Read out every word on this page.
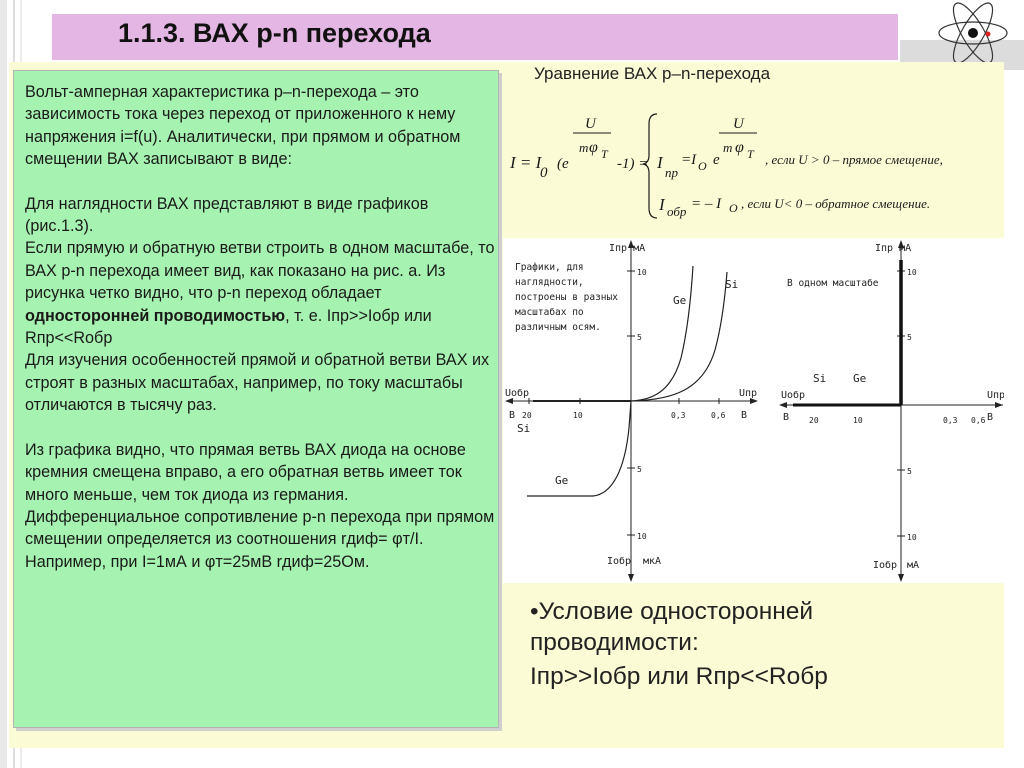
1.1.3. ВАХ p-n перехода

Вольт-амперная характеристика p–n-перехода – это зависимость тока через переход от приложенного к нему напряжения i=f(u). Аналитически, при прямом и обратном смещении ВАХ записывают в виде:

Для наглядности ВАХ представляют в виде графиков (рис.1.3).

Если прямую и обратную ветви строить в одном масштабе, то ВАХ p-n перехода имеет вид, как показано на рис. а. Из рисунка четко видно, что p-n переход обладает односторонней проводимостью, т. е. Iпр>>Iобр или Rпр<<Rобр

Для изучения особенностей прямой и обратной ветви ВАХ их строят в разных масштабах, например, по току масштабы отличаются в тысячу раз.

Из графика видно, что прямая ветвь ВАХ диода на основе кремния смещена вправо, а его обратная ветвь имеет ток много меньше, чем ток диода из германия.

Дифференциальное сопротивление p-n перехода при прямом смещении определяется из соотношения rдиф= φт/I.

Например, при I=1мА и φт=25мВ rдиф=25Ом.

Уравнение ВАХ p–n-перехода
I = I
0
(e
U
m φ T
-1) = I
пр
=I O e
U
m φ T , если U > 0 – прямое смещение,
I обр = – I O , если U< 0 – обратное смещение.
Iпр мА
10
5
5
10
Iобр мкА
Uобр
В
Uпр
В
20	10	0,3	0,6
Графики, для
наглядности,
построены в разных
масштабах по
различным осям.
Ge
Si
Si
Ge
Iпр мА
10
5
5
10
Iобр мА
Uобр
В
Uпр
В
20	10	0,3 0,6
В одном масштабе
Si Ge

•Условие односторонней

проводимости:

Iпр>>Iобр или Rпр<<Rобр
